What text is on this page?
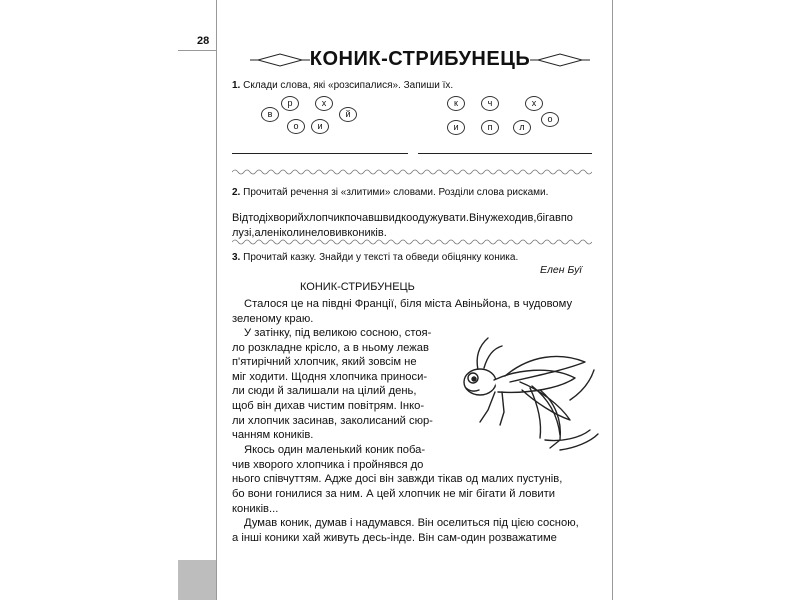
28
КОНИК-СТРИБУНЕЦЬ
1. Склади слова, які «розсипалися». Запиши їх.
в
р	х
й
о	и
к	ч	х
и	п	л
о
2. Прочитай речення зі «злитими» словами. Розділи слова рисками.
Відтодіхворийхлопчикпочавшвидкоодужувати.Вінужеходив,бігавпо
лузі,аленіколинеловивкоників.
3. Прочитай казку. Знайди у тексті та обведи обіцянку коника.
Елен Буї
КОНИК-СТРИБУНЕЦЬ
Сталося це на півдні Франції, біля міста Авіньйона, в чудовому
зеленому краю.
У затінку, під великою сосною, стоя-
ло розкладне крісло, а в ньому лежав
п'ятирічний хлопчик, який зовсім не
міг ходити. Щодня хлопчика приноси-
ли сюди й залишали на цілий день,
щоб він дихав чистим повітрям. Інко-
ли хлопчик засинав, заколисаний сюр-
чанням коників.
Якось один маленький коник поба-
чив хворого хлопчика і пройнявся до
нього співчуттям. Адже досі він завжди тікав од малих пустунів,
бо вони гонилися за ним. А цей хлопчик не міг бігати й ловити
коників...
Думав коник, думав і надумався. Він оселиться під цією сосною,
а інші коники хай живуть десь-інде. Він сам-один розважатиме
